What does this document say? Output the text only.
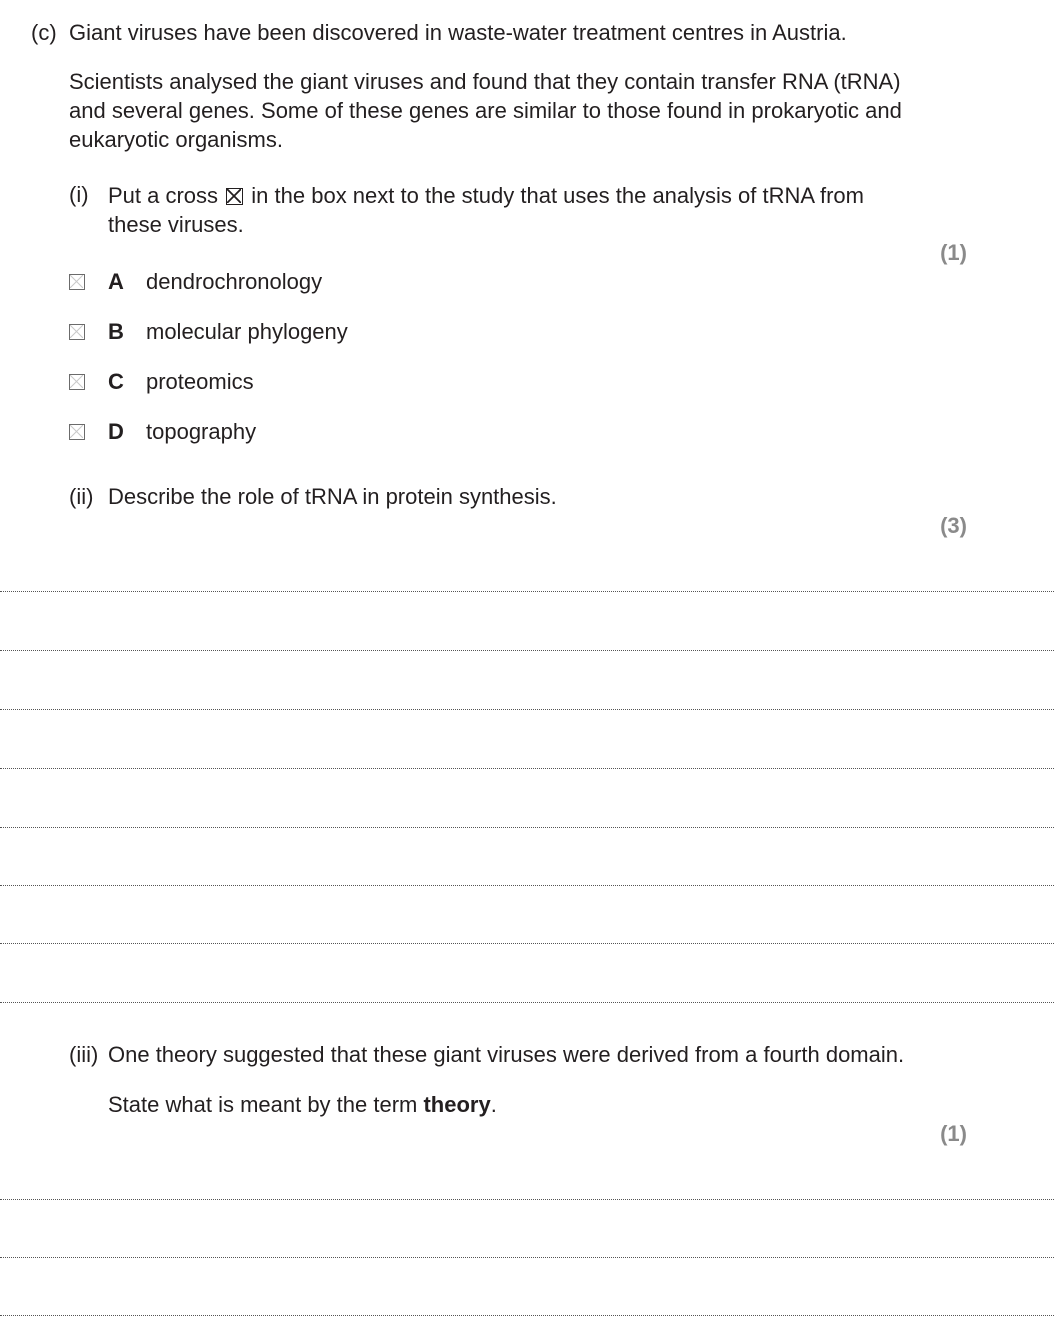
(c) Giant viruses have been discovered in waste-water treatment centres in Austria.
Scientists analysed the giant viruses and found that they contain transfer RNA (tRNA)
and several genes. Some of these genes are similar to those found in prokaryotic and
eukaryotic organisms.
(i) Put a cross ☒ in the box next to the study that uses the analysis of tRNA from
these viruses.
(1)
A dendrochronology
B molecular phylogeny
C proteomics
D topography
(ii) Describe the role of tRNA in protein synthesis.
(3)
(iii) One theory suggested that these giant viruses were derived from a fourth domain.
State what is meant by the term theory.
(1)
